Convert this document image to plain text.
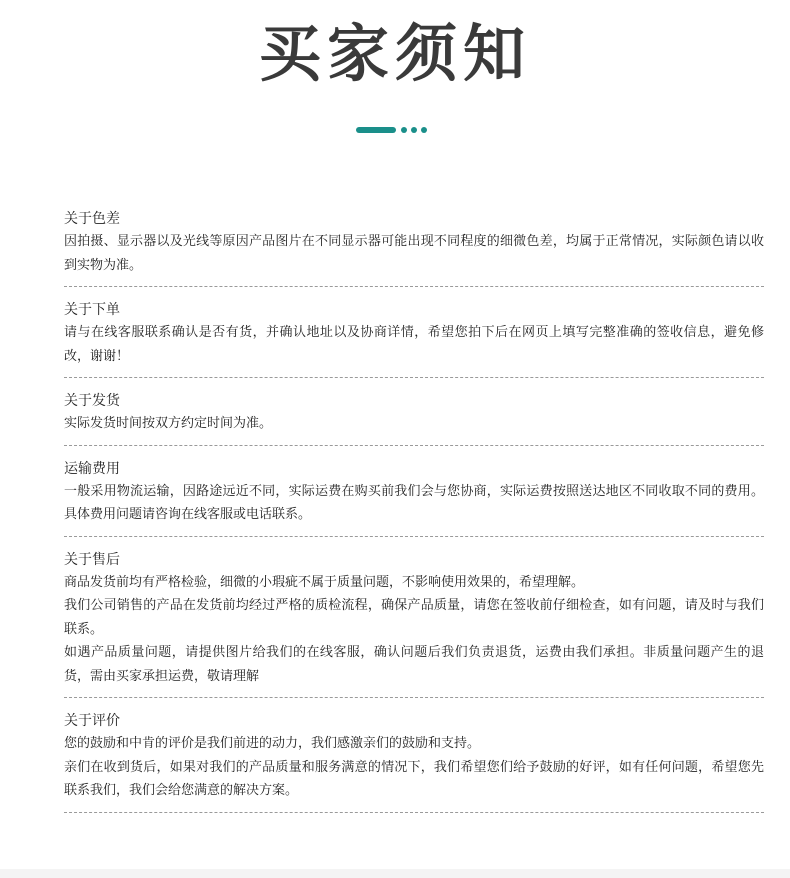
买家须知
关于色差

因拍摄、显示器以及光线等原因产品图片在不同显示器可能出现不同程度的细微色差，均属于正常情况，实际颜色请以收到实物为准。

关于下单

请与在线客服联系确认是否有货，并确认地址以及协商详情，希望您拍下后在网页上填写完整准确的签收信息，避免修改，谢谢！

关于发货

实际发货时间按双方约定时间为准。

运输费用

一般采用物流运输，因路途远近不同，实际运费在购买前我们会与您协商，实际运费按照送达地区不同收取不同的费用。具体费用问题请咨询在线客服或电话联系。

关于售后

商品发货前均有严格检验，细微的小瑕疵不属于质量问题，不影响使用效果的，希望理解。

我们公司销售的产品在发货前均经过严格的质检流程，确保产品质量，请您在签收前仔细检查，如有问题，请及时与我们联系。

如遇产品质量问题，请提供图片给我们的在线客服，确认问题后我们负责退货，运费由我们承担。非质量问题产生的退货，需由买家承担运费，敬请理解

关于评价

您的鼓励和中肯的评价是我们前进的动力，我们感激亲们的鼓励和支持。

亲们在收到货后，如果对我们的产品质量和服务满意的情况下，我们希望您们给予鼓励的好评，如有任何问题，希望您先联系我们，我们会给您满意的解决方案。
